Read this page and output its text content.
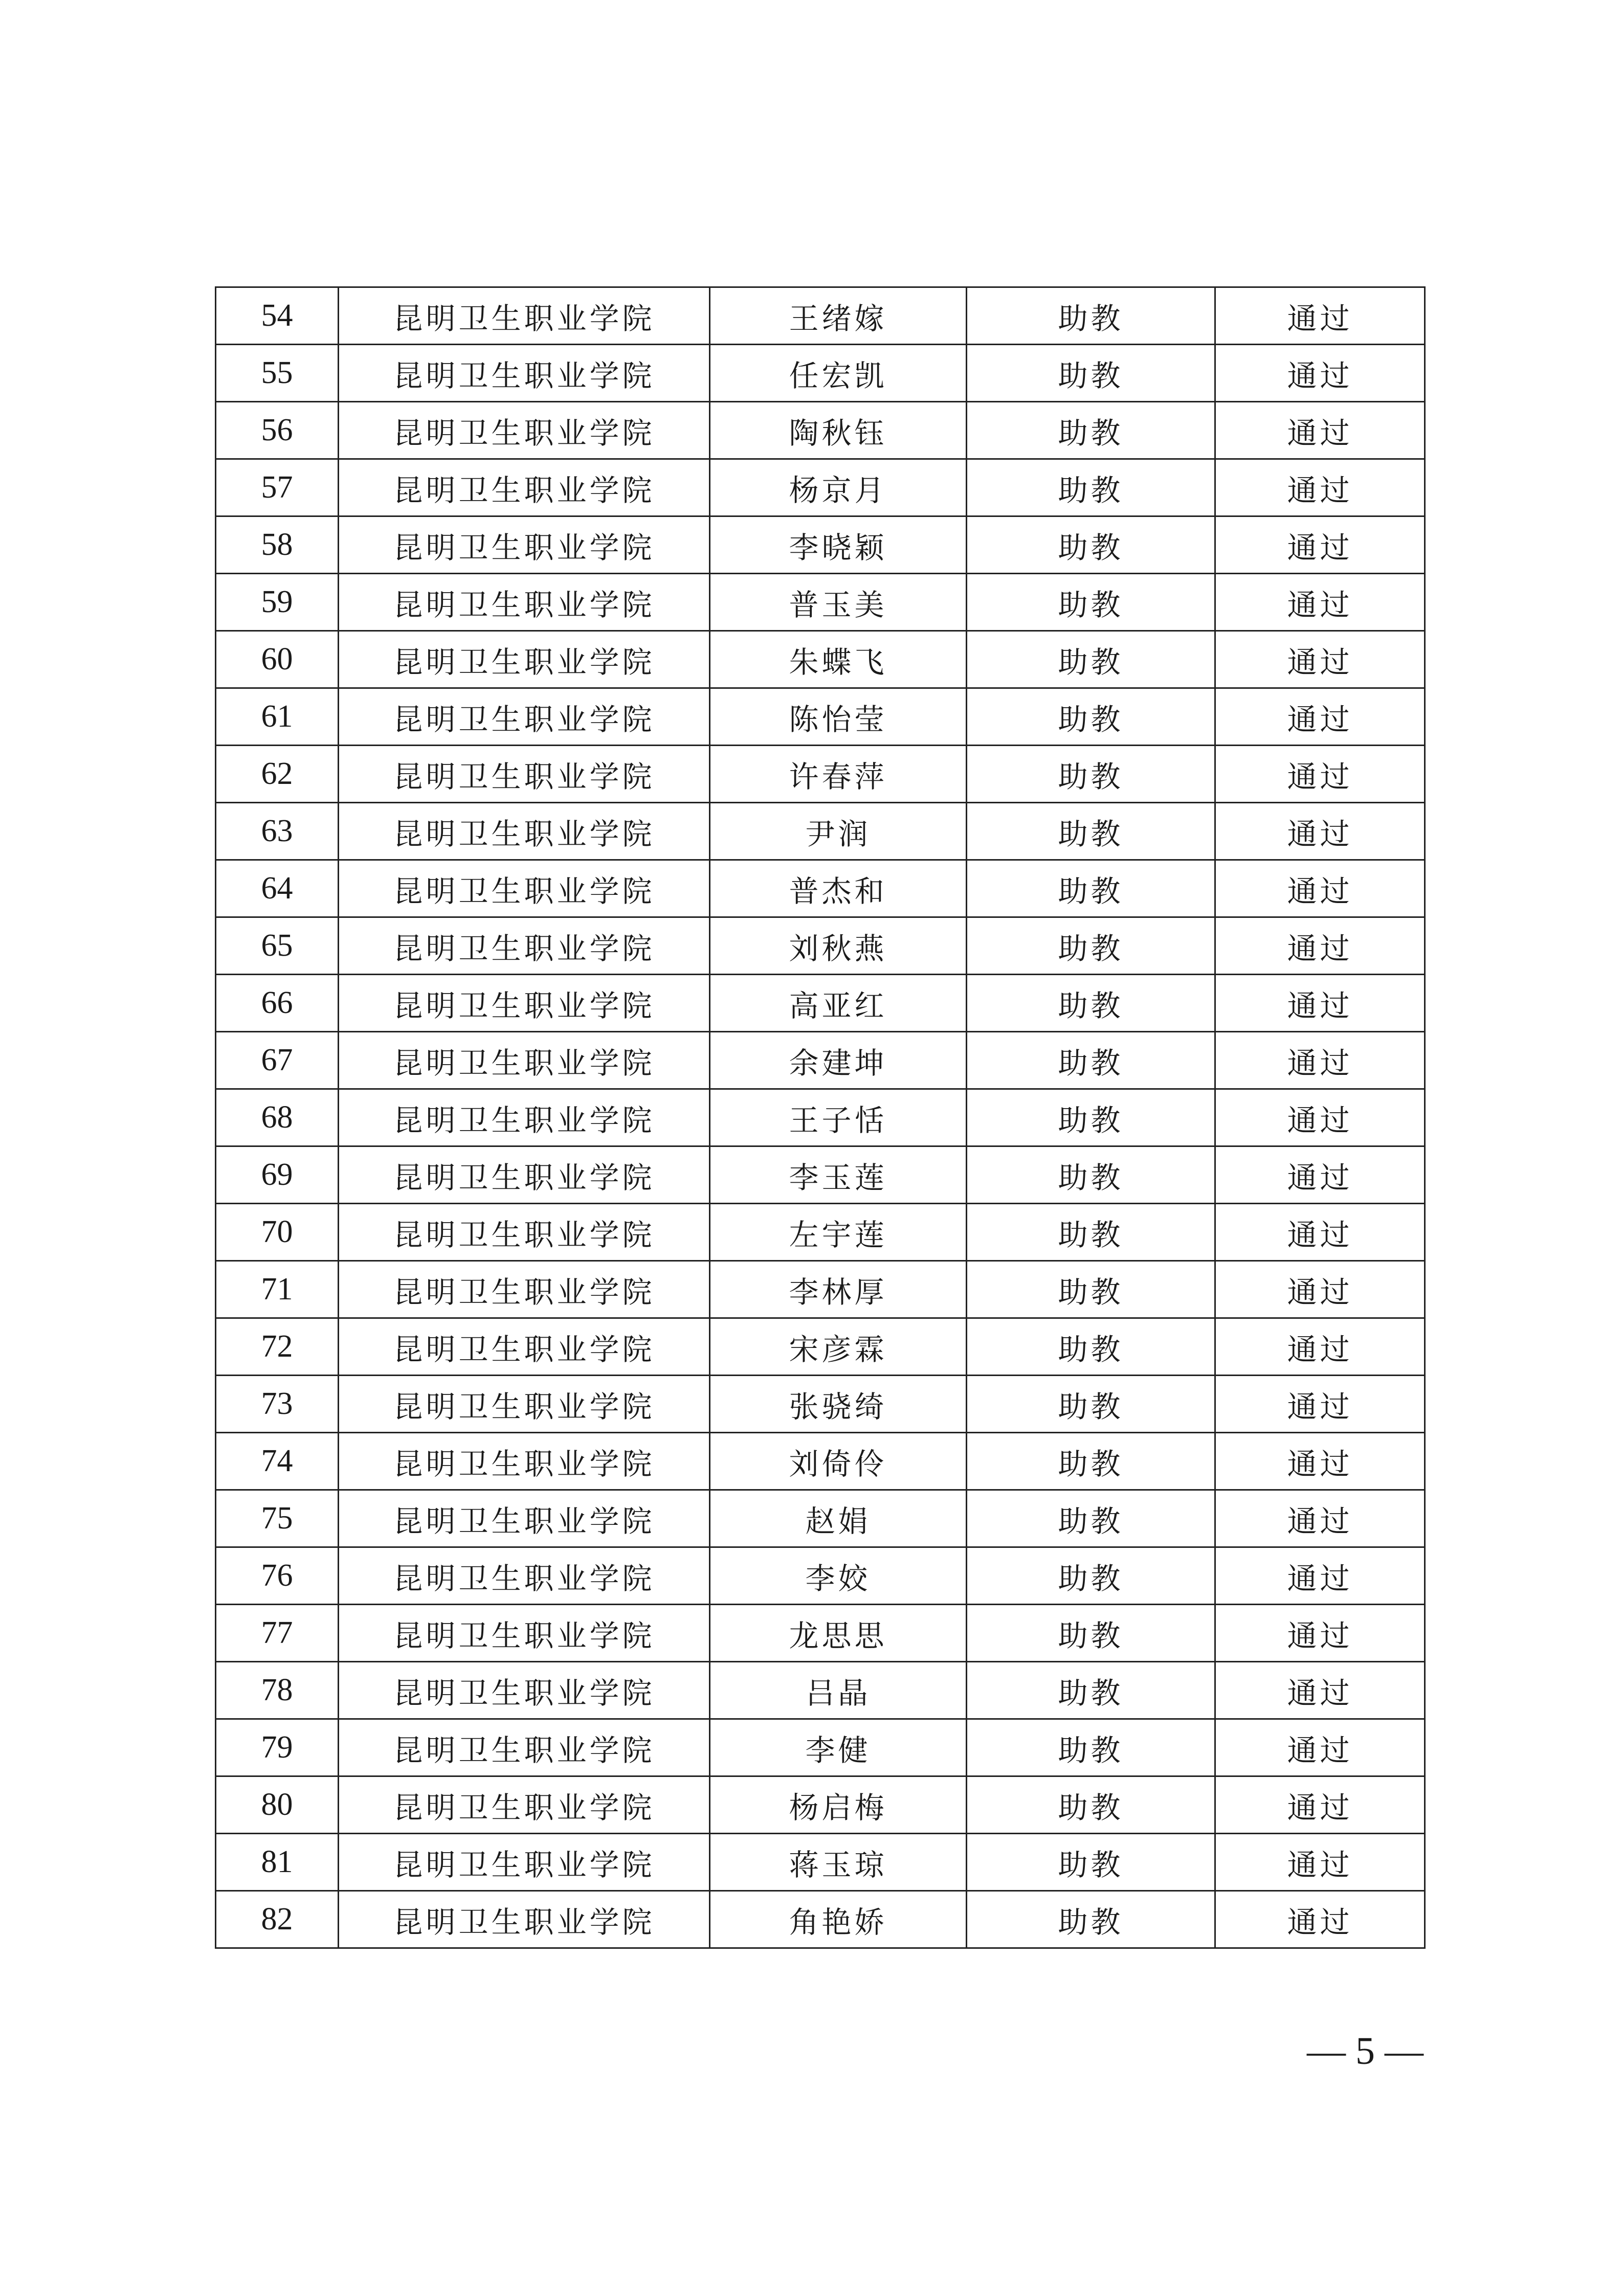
54	昆明卫生职业学院	王绪嫁	助教	通过
55	昆明卫生职业学院	任宏凯	助教	通过
56	昆明卫生职业学院	陶秋钰	助教	通过
57	昆明卫生职业学院	杨京月	助教	通过
58	昆明卫生职业学院	李晓颖	助教	通过
59	昆明卫生职业学院	普玉美	助教	通过
60	昆明卫生职业学院	朱蝶飞	助教	通过
61	昆明卫生职业学院	陈怡莹	助教	通过
62	昆明卫生职业学院	许春萍	助教	通过
63	昆明卫生职业学院	尹润	助教	通过
64	昆明卫生职业学院	普杰和	助教	通过
65	昆明卫生职业学院	刘秋燕	助教	通过
66	昆明卫生职业学院	高亚红	助教	通过
67	昆明卫生职业学院	余建坤	助教	通过
68	昆明卫生职业学院	王子恬	助教	通过
69	昆明卫生职业学院	李玉莲	助教	通过
70	昆明卫生职业学院	左宇莲	助教	通过
71	昆明卫生职业学院	李林厚	助教	通过
72	昆明卫生职业学院	宋彦霖	助教	通过
73	昆明卫生职业学院	张骁绮	助教	通过
74	昆明卫生职业学院	刘倚伶	助教	通过
75	昆明卫生职业学院	赵娟	助教	通过
76	昆明卫生职业学院	李姣	助教	通过
77	昆明卫生职业学院	龙思思	助教	通过
78	昆明卫生职业学院	吕晶	助教	通过
79	昆明卫生职业学院	李健	助教	通过
80	昆明卫生职业学院	杨启梅	助教	通过
81	昆明卫生职业学院	蒋玉琼	助教	通过
82	昆明卫生职业学院	角艳娇	助教	通过
— 5 —
